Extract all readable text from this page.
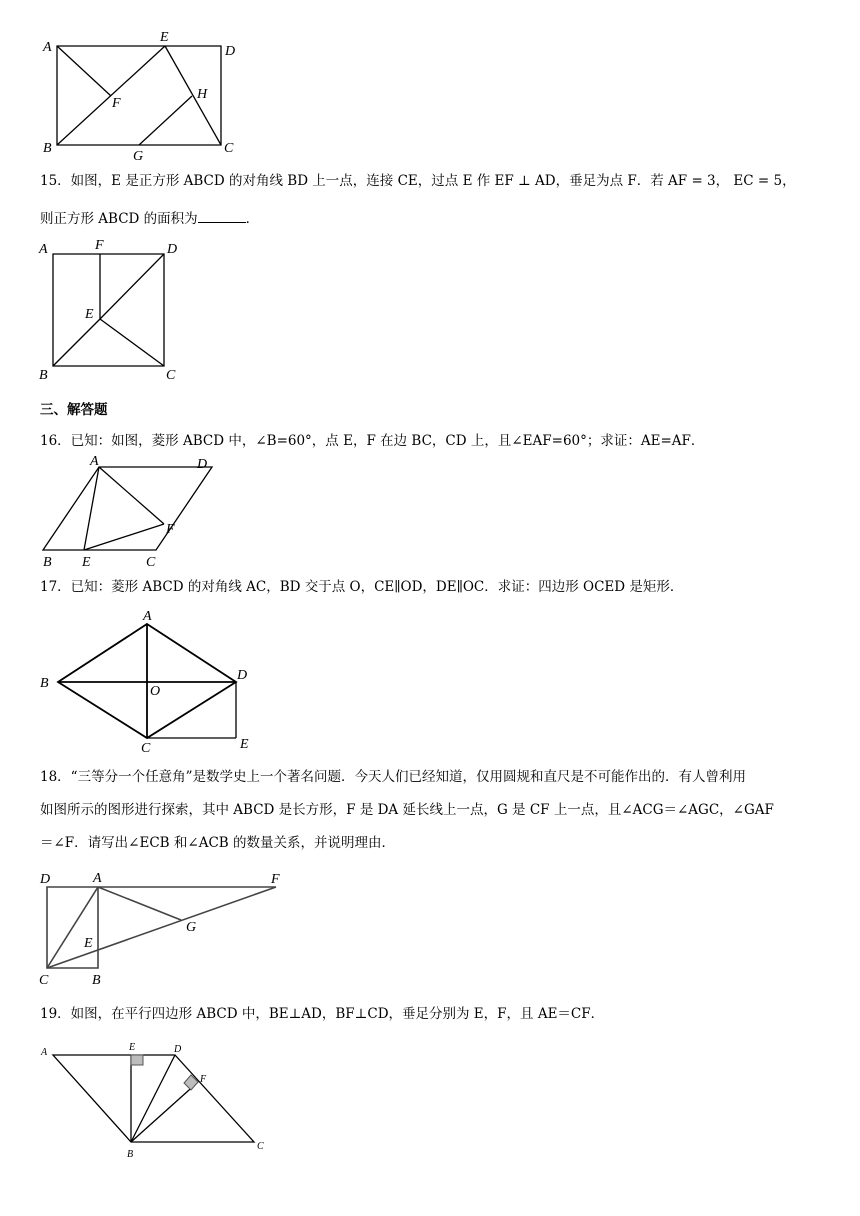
A
E
D
F
H
B
G
C
15．如图，E 是正方形 ABCD 的对角线 BD 上一点，连接 CE，过点 E 作 EF ⊥ AD，垂足为点 F．若 AF = 3， EC = 5，
则正方形 ABCD 的面积为	．
A	F	D
E
B	C
三、解答题
16．已知：如图，菱形 ABCD 中，∠B=60°，点 E，F 在边 BC，CD 上，且∠EAF=60°；求证：AE=AF．
A	D
F
B E	C
17．已知：菱形 ABCD 的对角线 AC，BD 交于点 O，CE∥OD，DE∥OC．求证：四边形 OCED 是矩形．
A
B
O
D
C	E
18．“三等分一个任意角”是数学史上一个著名问题．今天人们已经知道，仅用圆规和直尺是不可能作出的．有人曾利用
如图所示的图形进行探索，其中 ABCD 是长方形，F 是 DA 延长线上一点，G 是 CF 上一点，且∠ACG＝∠AGC，∠GAF
＝∠F．请写出∠ECB 和∠ACB 的数量关系，并说明理由．
D	A	F
G
E
C	B
19．如图，在平行四边形 ABCD 中，BE⊥AD，BF⊥CD，垂足分别为 E，F，且 AE＝CF．
A	E	D
F
B
C
